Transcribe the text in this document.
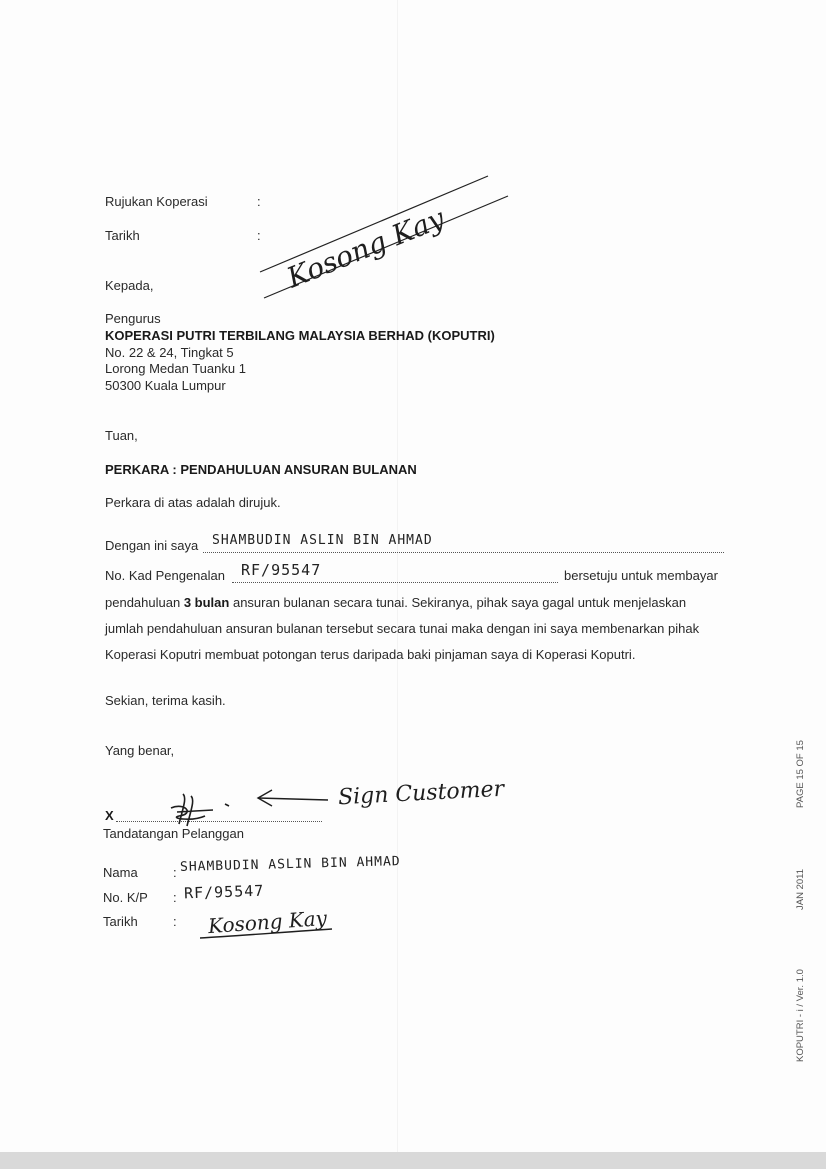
Rujukan Koperasi	:
Tarikh	: Kosong Kay
Kepada,
Pengurus
KOPERASI PUTRI TERBILANG MALAYSIA BERHAD (KOPUTRI)
No. 22 & 24, Tingkat 5
Lorong Medan Tuanku 1
50300 Kuala Lumpur
Tuan,
PERKARA : PENDAHULUAN ANSURAN BULANAN
Perkara di atas adalah dirujuk.
Dengan ini saya SHAMBUDIN ASLIN BIN AHMAD
No. Kad Pengenalan RF/95547	bersetuju untuk membayar
pendahuluan 3 bulan ansuran bulanan secara tunai. Sekiranya, pihak saya gagal untuk menjelaskan
jumlah pendahuluan ansuran bulanan tersebut secara tunai maka dengan ini saya membenarkan pihak
Koperasi Koputri membuat potongan terus daripada baki pinjaman saya di Koperasi Koputri.
Sekian, terima kasih.
Yang benar,
X
Sign Customer
Tandatangan Pelanggan
Nama	: SHAMBUDIN ASLIN BIN AHMAD
No. K/P : RF/95547
Tarikh	: Kosong Kay
PAGE 15 OF 15
JAN 2011
KOPUTRI - i / Ver. 1.0
